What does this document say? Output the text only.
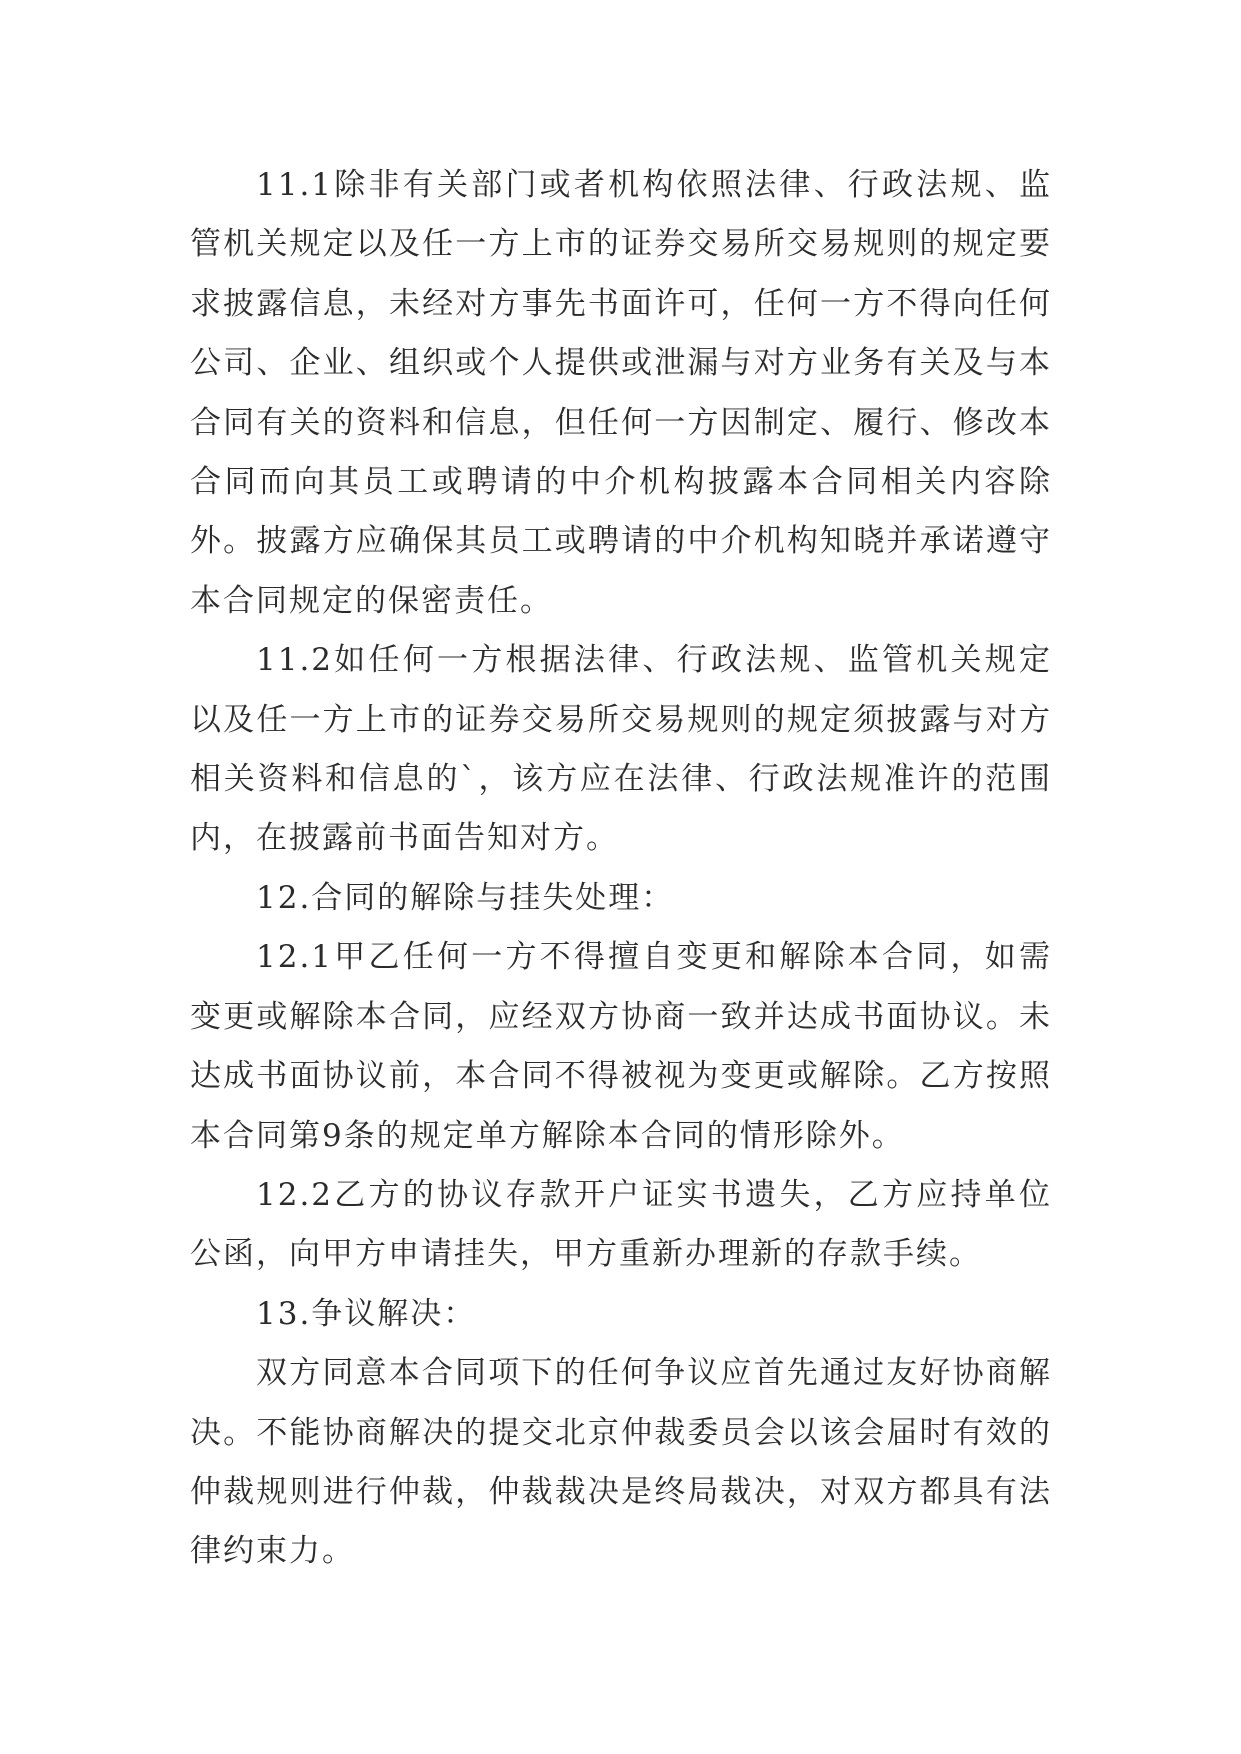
11.1除非有关部门或者机构依照法律、行政法规、监管机关规定以及任一方上市的证券交易所交易规则的规定要求披露信息，未经对方事先书面许可，任何一方不得向任何公司、企业、组织或个人提供或泄漏与对方业务有关及与本合同有关的资料和信息，但任何一方因制定、履行、修改本合同而向其员工或聘请的中介机构披露本合同相关内容除外。披露方应确保其员工或聘请的中介机构知晓并承诺遵守本合同规定的保密责任。

11.2如任何一方根据法律、行政法规、监管机关规定以及任一方上市的证券交易所交易规则的规定须披露与对方相关资料和信息的`，该方应在法律、行政法规准许的范围内，在披露前书面告知对方。

12.合同的解除与挂失处理：

12.1甲乙任何一方不得擅自变更和解除本合同，如需变更或解除本合同，应经双方协商一致并达成书面协议。未达成书面协议前，本合同不得被视为变更或解除。乙方按照本合同第9条的规定单方解除本合同的情形除外。

12.2乙方的协议存款开户证实书遗失，乙方应持单位公函，向甲方申请挂失，甲方重新办理新的存款手续。

13.争议解决：

双方同意本合同项下的任何争议应首先通过友好协商解决。不能协商解决的提交北京仲裁委员会以该会届时有效的仲裁规则进行仲裁，仲裁裁决是终局裁决，对双方都具有法律约束力。
